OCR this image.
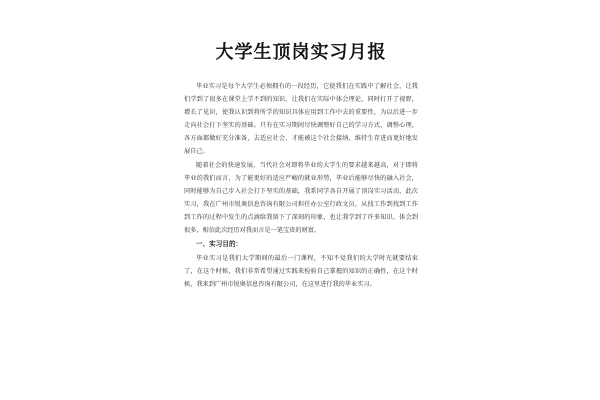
大学生顶岗实习月报

毕业实习是每个大学生必须拥有的一段经历，它使我们在实践中了解社会，让我们学到了很多在课堂上学不到的知识，让我们在实际中体会理论，同时打开了视野，增长了见识，使我认识到将所学的知识具体应用到工作中去的重要性，为以后进一步走向社会打下坚实的基础。只有在实习期间尽快调整好自己的学习方式，调整心理，各方面都做好充分准备，去适应社会，才能被这个社会接纳，维持生存进而更好地发展自己。

随着社会的快速发展，当代社会对即将毕业的大学生的要求越来越高，对于即将毕业的我们而言，为了能更好的适应严峻的就业形势，毕业后能够尽快的融入社会，同时能够为自己步入社会打下坚实的基础，我系同学各自开展了顶岗实习活动，此次实习，我在广州市锐奥信息咨询有限公司担任办公室行政文员，从找工作到找到工作到工作的过程中发生的点滴给我留下了深刻的印象，也让我学到了许多知识，体会到很多，相信此次经历对我而言是一笔宝贵的财富。

一、实习目的：

毕业实习是我们大学期间的最后一门课程，不知不觉我们的大学时光就要结束了，在这个时候，我们非常希望通过实践来检验自己掌握的知识的正确性，在这个时候，我来到广州市锐奥信息咨询有限公司，在这里进行我的毕业实习。
